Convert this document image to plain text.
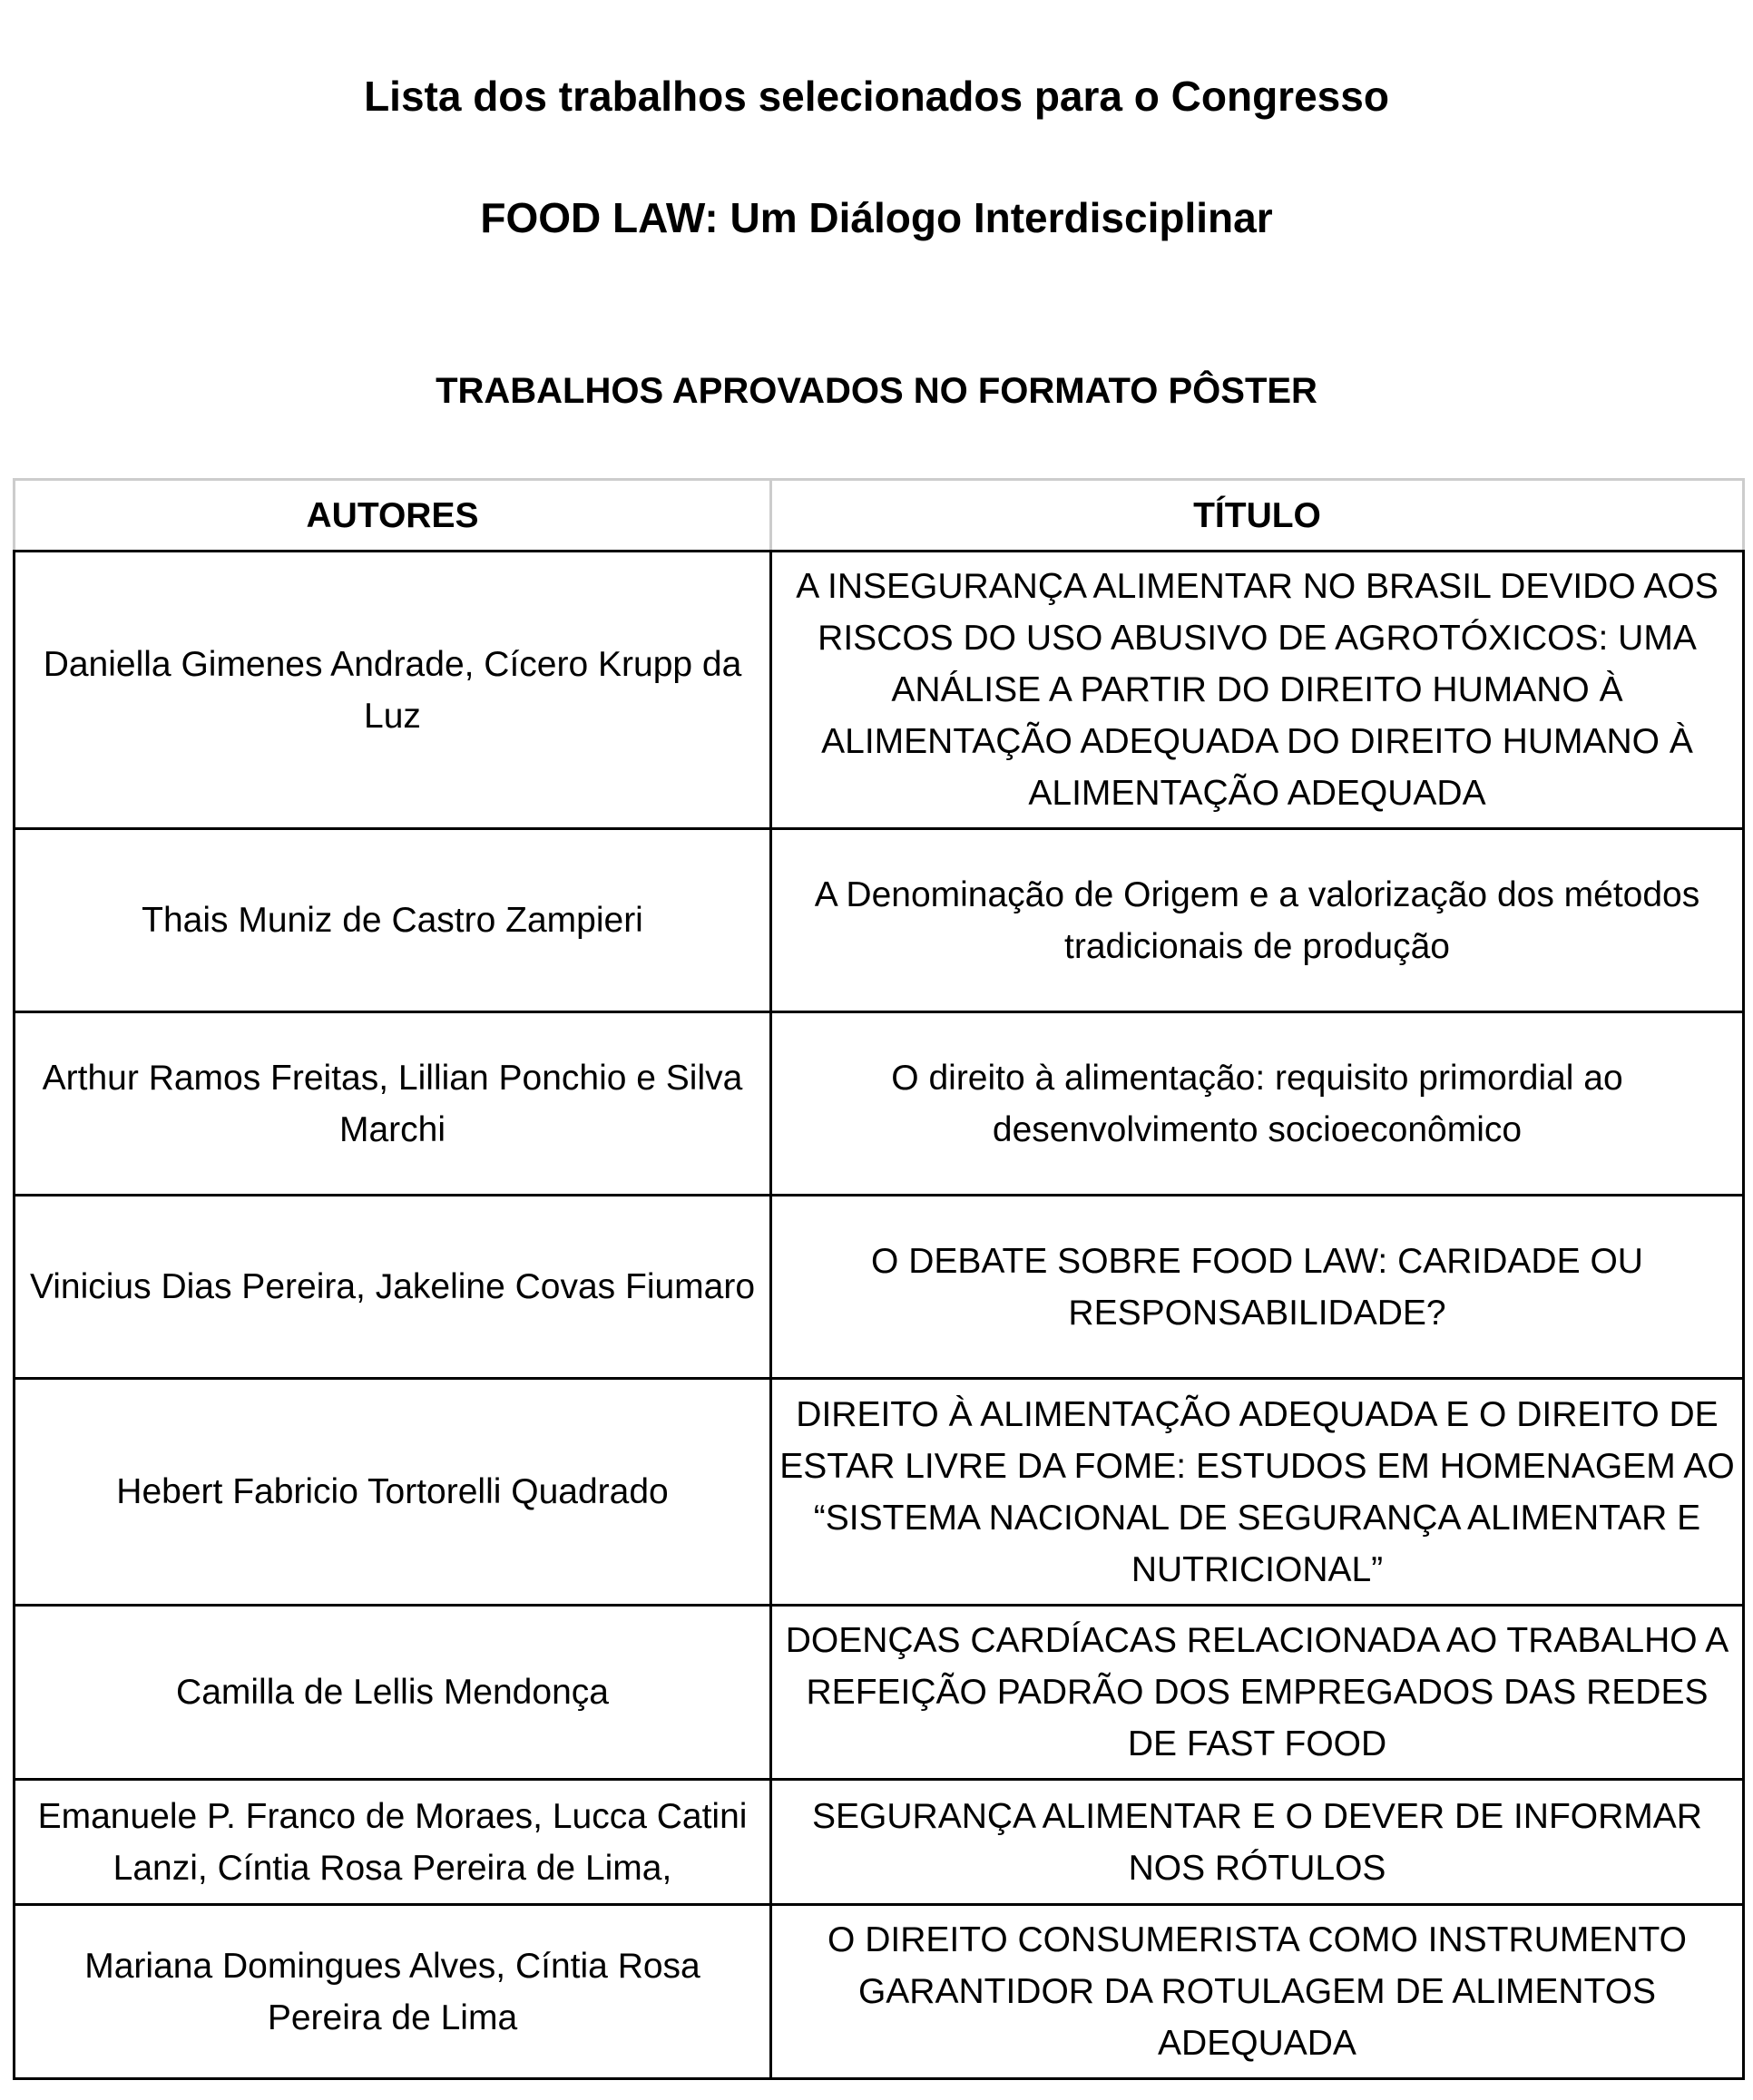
Lista dos trabalhos selecionados para o Congresso
FOOD LAW: Um Diálogo Interdisciplinar
TRABALHOS APROVADOS NO FORMATO PÔSTER
AUTORES	TÍTULO
Daniella Gimenes Andrade, Cícero Krupp da Luz	A INSEGURANÇA ALIMENTAR NO BRASIL DEVIDO AOS RISCOS DO USO ABUSIVO DE AGROTÓXICOS: UMA ANÁLISE A PARTIR DO DIREITO HUMANO À ALIMENTAÇÃO ADEQUADA DO DIREITO HUMANO À ALIMENTAÇÃO ADEQUADA
Thais Muniz de Castro Zampieri	A Denominação de Origem e a valorização dos métodos tradicionais de produção
Arthur Ramos Freitas, Lillian Ponchio e Silva Marchi	O direito à alimentação: requisito primordial ao desenvolvimento socioeconômico
Vinicius Dias Pereira, Jakeline Covas Fiumaro	O DEBATE SOBRE FOOD LAW: CARIDADE OU RESPONSABILIDADE?
Hebert Fabricio Tortorelli Quadrado	DIREITO À ALIMENTAÇÃO ADEQUADA E O DIREITO DE ESTAR LIVRE DA FOME: ESTUDOS EM HOMENAGEM AO “SISTEMA NACIONAL DE SEGURANÇA ALIMENTAR E NUTRICIONAL”
Camilla de Lellis Mendonça	DOENÇAS CARDÍACAS RELACIONADA AO TRABALHO A REFEIÇÃO PADRÃO DOS EMPREGADOS DAS REDES DE FAST FOOD
Emanuele P. Franco de Moraes, Lucca Catini Lanzi, Cíntia Rosa Pereira de Lima,	SEGURANÇA ALIMENTAR E O DEVER DE INFORMAR NOS RÓTULOS
Mariana Domingues Alves, Cíntia Rosa Pereira de Lima	O DIREITO CONSUMERISTA COMO INSTRUMENTO GARANTIDOR DA ROTULAGEM DE ALIMENTOS ADEQUADA
